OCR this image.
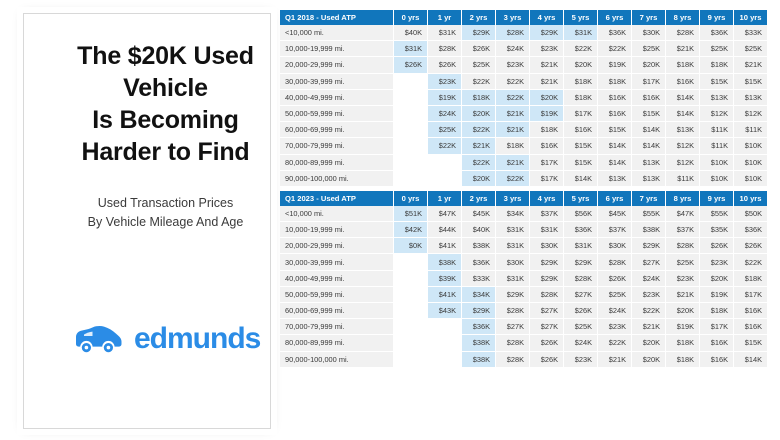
The $20K Used
Vehicle
Is Becoming
Harder to Find
Used Transaction Prices
By Vehicle Mileage And Age
edmunds
Q1 2018 - Used ATP	0 yrs	1 yr	2 yrs	3 yrs	4 yrs	5 yrs	6 yrs	7 yrs	8 yrs	9 yrs	10 yrs
<10,000 mi.	$40K	$31K	$29K	$28K	$29K	$31K	$36K	$30K	$28K	$36K	$33K
10,000-19,999 mi.	$31K	$28K	$26K	$24K	$23K	$22K	$22K	$25K	$21K	$25K	$25K
20,000-29,999 mi.	$26K	$26K	$25K	$23K	$21K	$20K	$19K	$20K	$18K	$18K	$21K
30,000-39,999 mi.		$23K	$22K	$22K	$21K	$18K	$18K	$17K	$16K	$15K	$15K
40,000-49,999 mi.		$19K	$18K	$22K	$20K	$18K	$16K	$16K	$14K	$13K	$13K
50,000-59,999 mi.		$24K	$20K	$21K	$19K	$17K	$16K	$15K	$14K	$12K	$12K
60,000-69,999 mi.		$25K	$22K	$21K	$18K	$16K	$15K	$14K	$13K	$11K	$11K
70,000-79,999 mi.		$22K	$21K	$18K	$16K	$15K	$14K	$14K	$12K	$11K	$10K
80,000-89,999 mi.			$22K	$21K	$17K	$15K	$14K	$13K	$12K	$10K	$10K
90,000-100,000 mi.			$20K	$22K	$17K	$14K	$13K	$13K	$11K	$10K	$10K
Q1 2023 - Used ATP	0 yrs	1 yr	2 yrs	3 yrs	4 yrs	5 yrs	6 yrs	7 yrs	8 yrs	9 yrs	10 yrs
<10,000 mi.	$51K	$47K	$45K	$34K	$37K	$56K	$45K	$55K	$47K	$55K	$50K
10,000-19,999 mi.	$42K	$44K	$40K	$31K	$31K	$36K	$37K	$38K	$37K	$35K	$36K
20,000-29,999 mi.	$0K	$41K	$38K	$31K	$30K	$31K	$30K	$29K	$28K	$26K	$26K
30,000-39,999 mi.		$38K	$36K	$30K	$29K	$29K	$28K	$27K	$25K	$23K	$22K
40,000-49,999 mi.		$39K	$33K	$31K	$29K	$28K	$26K	$24K	$23K	$20K	$18K
50,000-59,999 mi.		$41K	$34K	$29K	$28K	$27K	$25K	$23K	$21K	$19K	$17K
60,000-69,999 mi.		$43K	$29K	$28K	$27K	$26K	$24K	$22K	$20K	$18K	$16K
70,000-79,999 mi.			$36K	$27K	$27K	$25K	$23K	$21K	$19K	$17K	$16K
80,000-89,999 mi.			$38K	$28K	$26K	$24K	$22K	$20K	$18K	$16K	$15K
90,000-100,000 mi.			$38K	$28K	$26K	$23K	$21K	$20K	$18K	$16K	$14K
